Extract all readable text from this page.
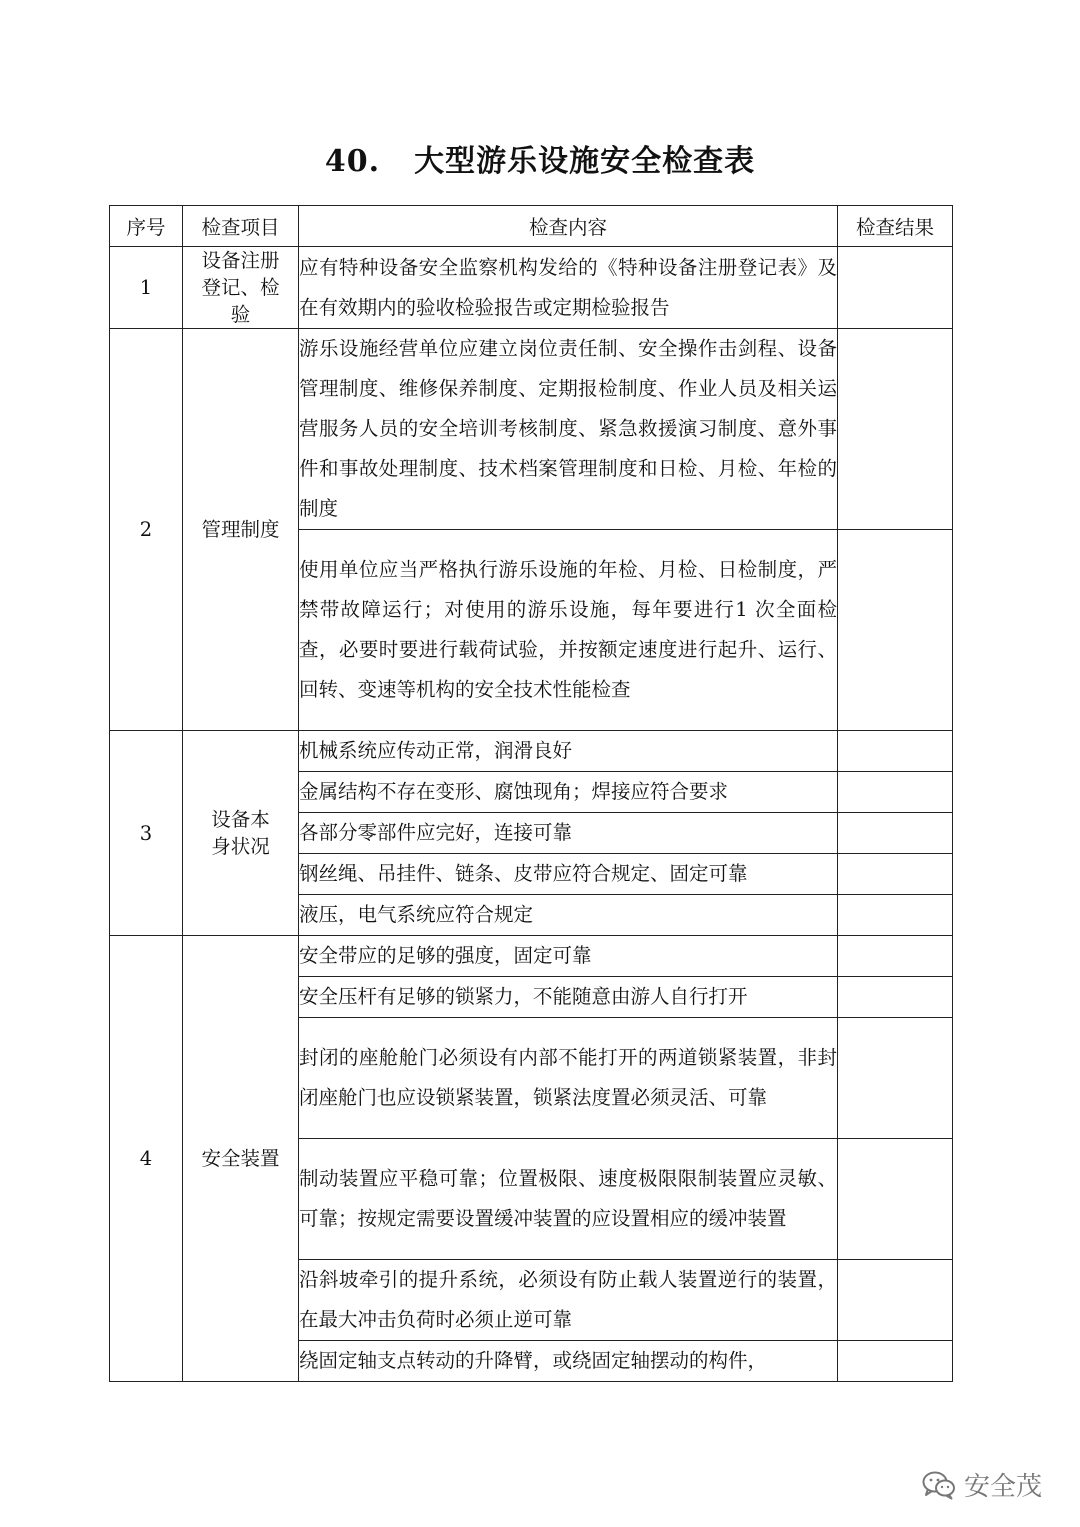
40. 大型游乐设施安全检查表
序号	检查项目	检查内容	检查结果
1	设备注册登记、检验	应有特种设备安全监察机构发给的《特种设备注册登记表》及在有效期内的验收检验报告或定期检验报告	
2	管理制度	游乐设施经营单位应建立岗位责任制、安全操作击剑程、设备管理制度、维修保养制度、定期报检制度、作业人员及相关运营服务人员的安全培训考核制度、紧急救援演习制度、意外事件和事故处理制度、技术档案管理制度和日检、月检、年检的制度	
		使用单位应当严格执行游乐设施的年检、月检、日检制度，严禁带故障运行；对使用的游乐设施，每年要进行1 次全面检查，必要时要进行载荷试验，并按额定速度进行起升、运行、回转、变速等机构的安全技术性能检查	
3	设备本身状况	机械系统应传动正常，润滑良好	
		金属结构不存在变形、腐蚀现角；焊接应符合要求	
		各部分零部件应完好，连接可靠	
		钢丝绳、吊挂件、链条、皮带应符合规定、固定可靠	
		液压，电气系统应符合规定	
4	安全装置	安全带应的足够的强度，固定可靠	
		安全压杆有足够的锁紧力，不能随意由游人自行打开	
		封闭的座舱舱门必须设有内部不能打开的两道锁紧装置，非封闭座舱门也应设锁紧装置，锁紧法度置必须灵活、可靠	
		制动装置应平稳可靠；位置极限、速度极限限制装置应灵敏、可靠；按规定需要设置缓冲装置的应设置相应的缓冲装置	
		沿斜坡牵引的提升系统，必须设有防止载人装置逆行的装置，在最大冲击负荷时必须止逆可靠	
		绕固定轴支点转动的升降臂，或绕固定轴摆动的构件，	
安全茂
